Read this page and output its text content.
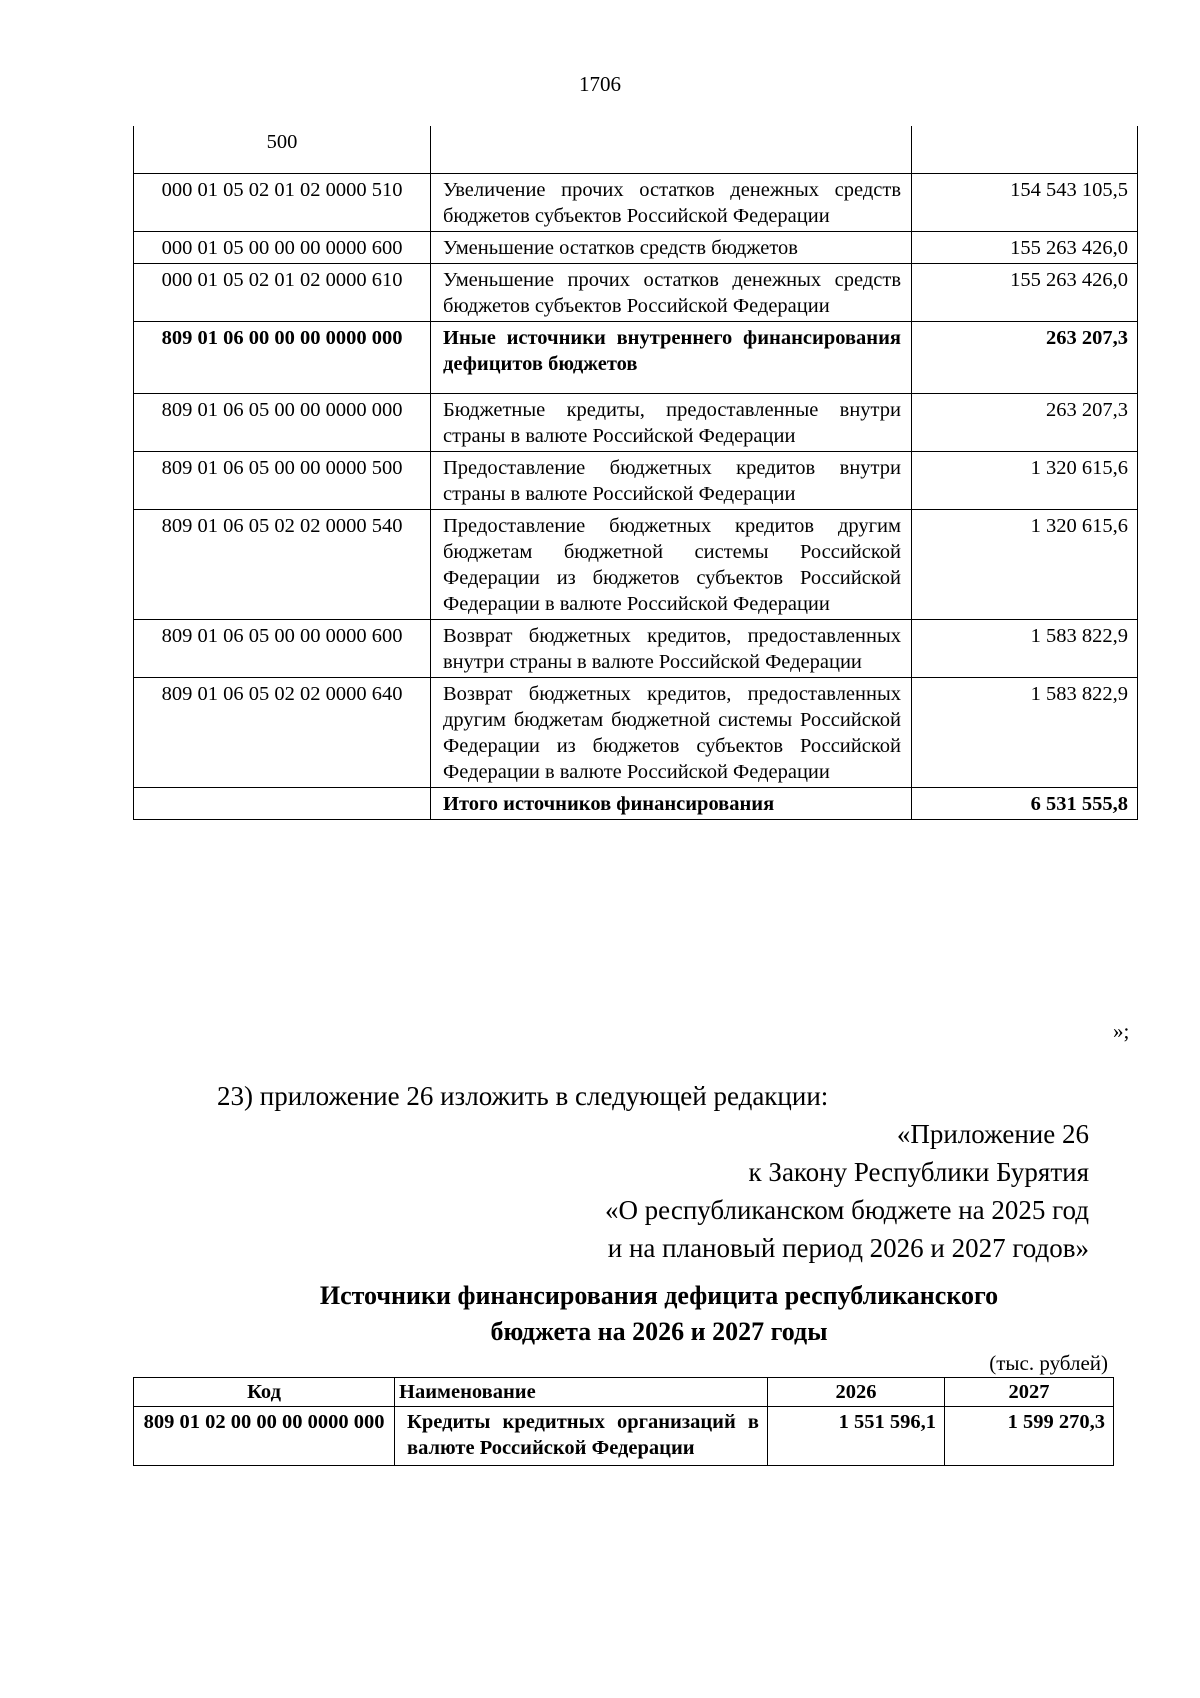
1706
500		
000 01 05 02 01 02 0000 510	Увеличение прочих остатков денежных средств бюджетов субъектов Российской Федерации	154 543 105,5
000 01 05 00 00 00 0000 600	Уменьшение остатков средств бюджетов	155 263 426,0
000 01 05 02 01 02 0000 610	Уменьшение прочих остатков денежных средств бюджетов субъектов Российской Федерации	155 263 426,0
809 01 06 00 00 00 0000 000	Иные источники внутреннего финансирования дефицитов бюджетов	263 207,3
809 01 06 05 00 00 0000 000	Бюджетные кредиты, предоставленные внутри страны в валюте Российской Федерации	263 207,3
809 01 06 05 00 00 0000 500	Предоставление бюджетных кредитов внутри страны в валюте Российской Федерации	1 320 615,6
809 01 06 05 02 02 0000 540	Предоставление бюджетных кредитов другим бюджетам бюджетной системы Российской Федерации из бюджетов субъектов Российской Федерации в валюте Российской Федерации	1 320 615,6
809 01 06 05 00 00 0000 600	Возврат бюджетных кредитов, предоставленных внутри страны в валюте Российской Федерации	1 583 822,9
809 01 06 05 02 02 0000 640	Возврат бюджетных кредитов, предоставленных другим бюджетам бюджетной системы Российской Федерации из бюджетов субъектов Российской Федерации в валюте Российской Федерации	1 583 822,9
	Итого источников финансирования	6 531 555,8
»;
23) приложение 26 изложить в следующей редакции:
«Приложение 26
к Закону Республики Бурятия
«О республиканском бюджете на 2025 год
и на плановый период 2026 и 2027 годов»
Источники финансирования дефицита республиканского
бюджета на 2026 и 2027 годы
(тыс. рублей)
Код	Наименование	2026	2027
809 01 02 00 00 00 0000 000	Кредиты кредитных организаций в валюте Российской Федерации	1 551 596,1	1 599 270,3
